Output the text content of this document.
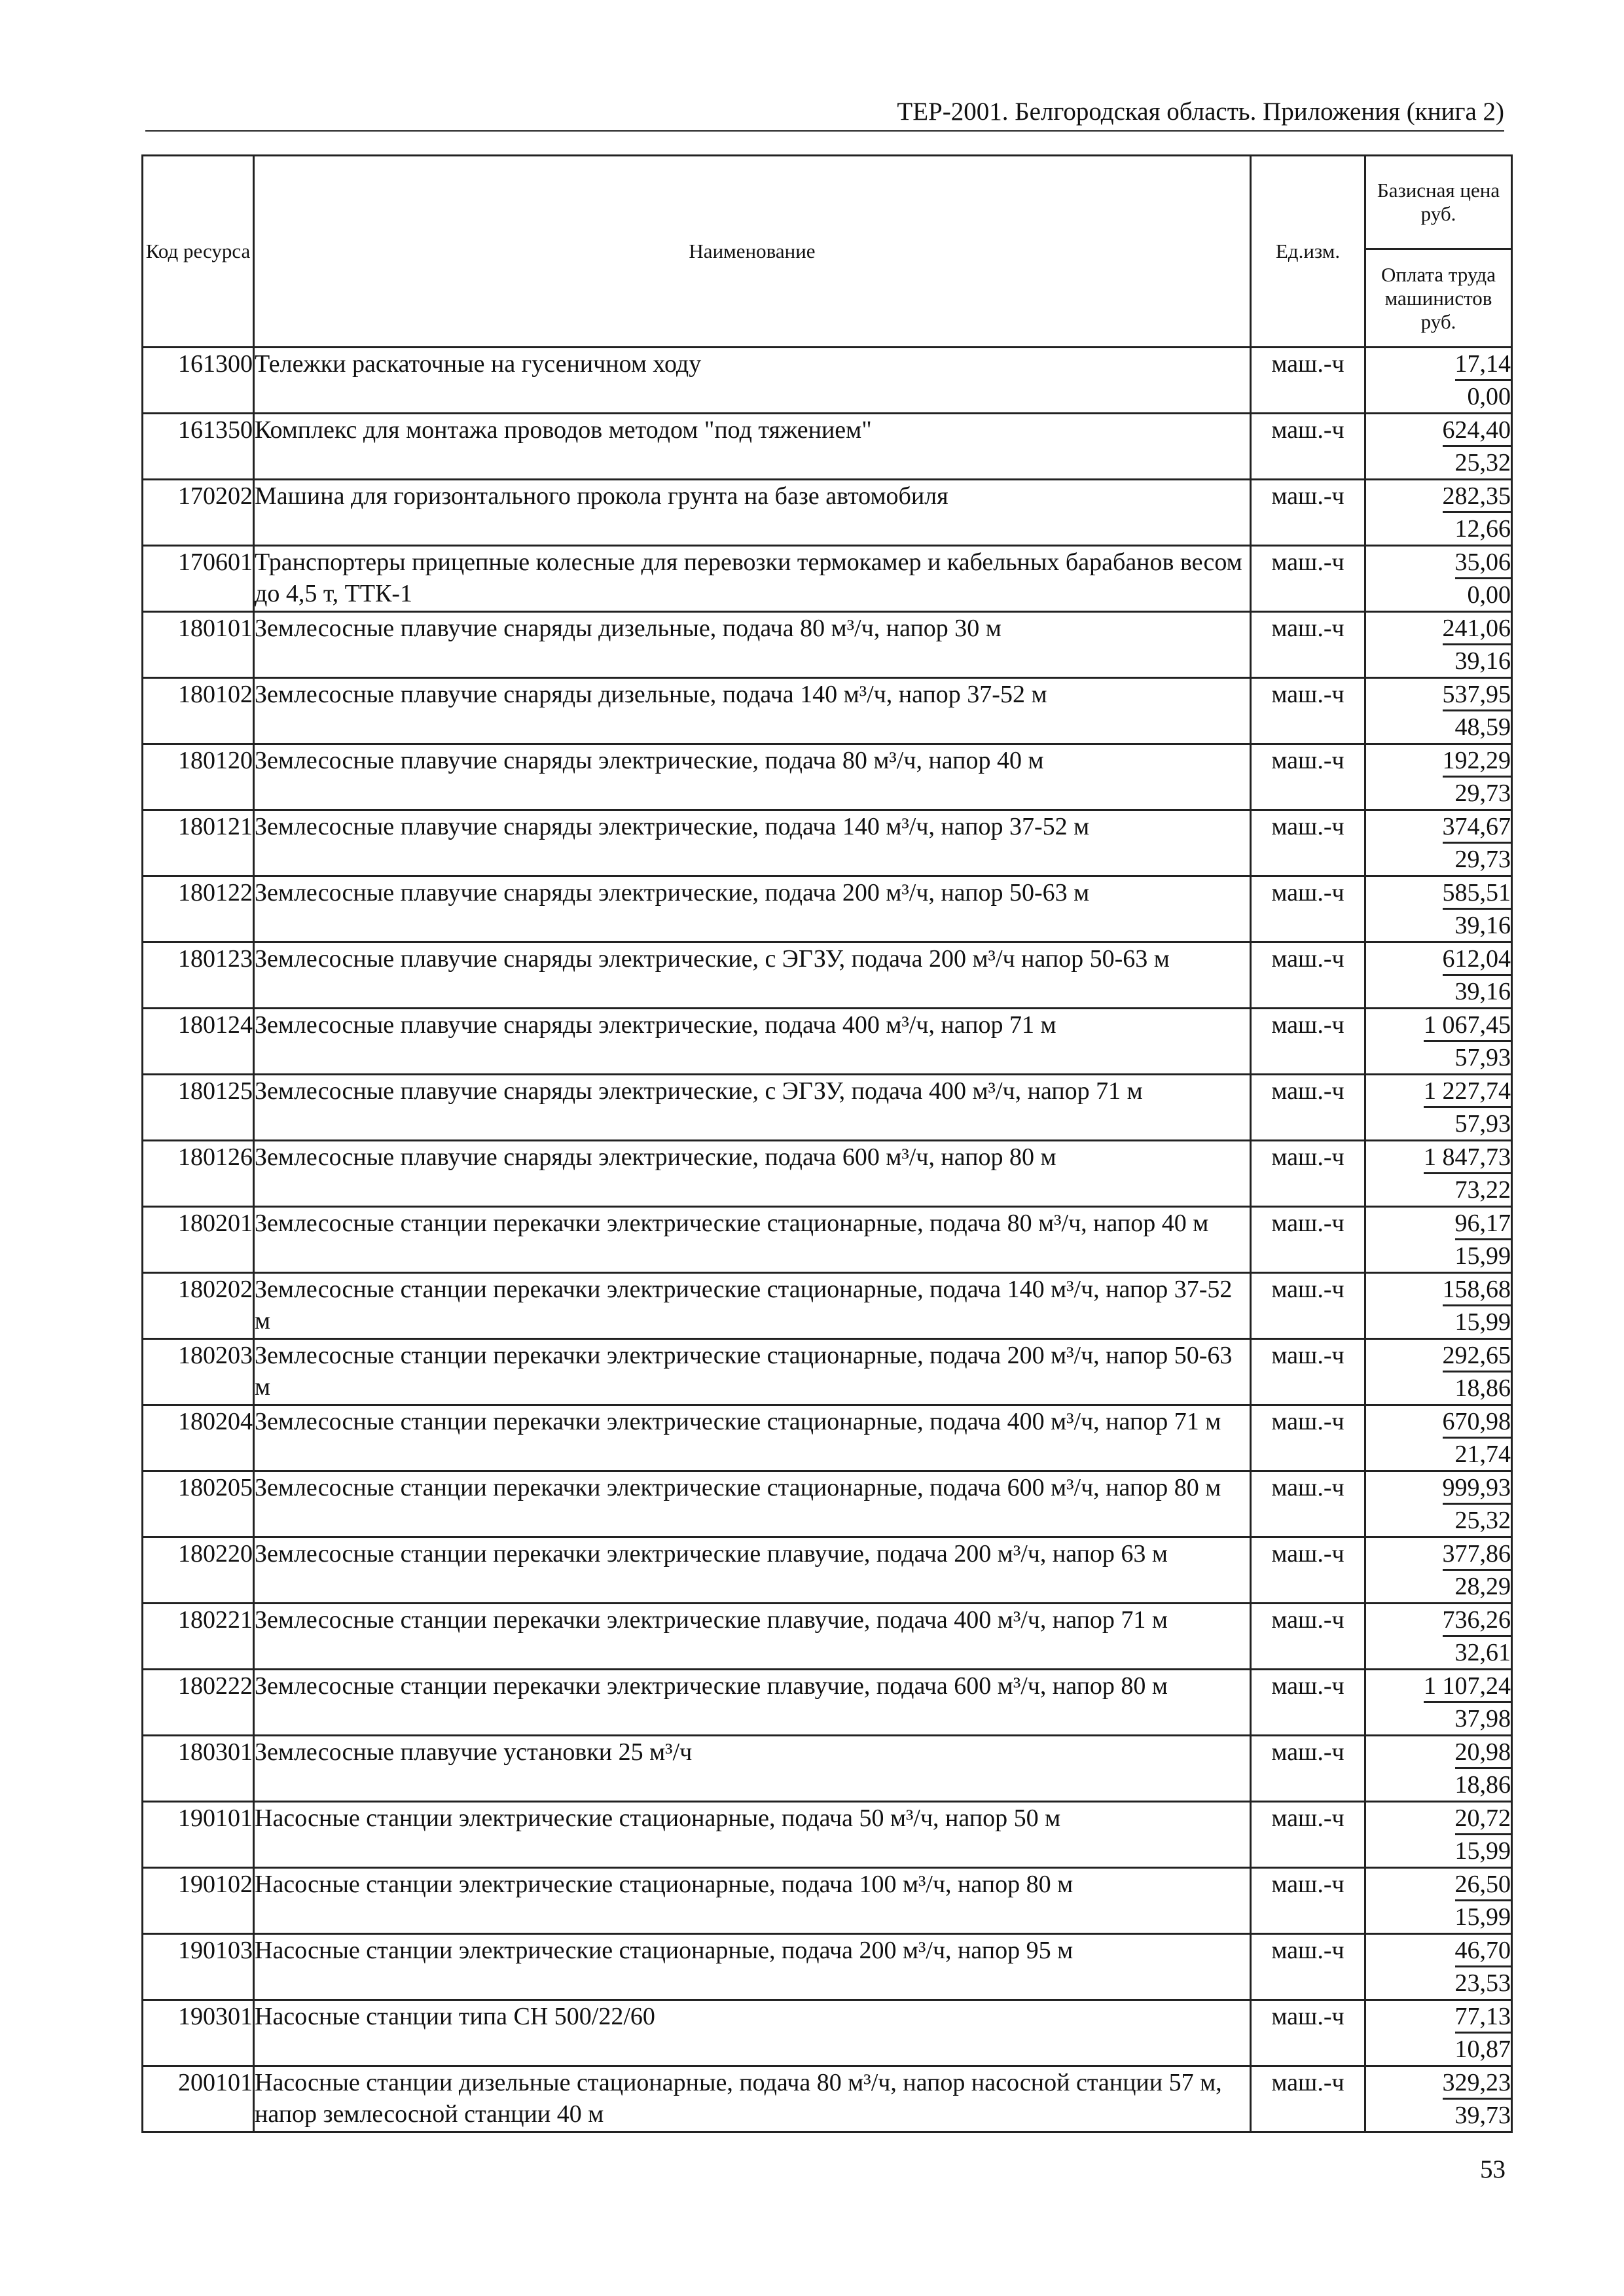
ТЕР-2001. Белгородская область. Приложения (книга 2)
Код ресурса	Наименование	Ед.изм.	Базисная цена руб.
			Оплата труда машинистов руб.
161300	Тележки раскаточные на гусеничном ходу	маш.-ч	17,14
0,00

161350	Комплекс для монтажа проводов методом "под тяжением"	маш.-ч	624,40
25,32

170202	Машина для горизонтального прокола грунта на базе автомобиля	маш.-ч	282,35
12,66

170601	Транспортеры прицепные колесные для перевозки термокамер и кабельных барабанов весом до 4,5 т, ТТК-1	маш.-ч	35,06
0,00

180101	Землесосные плавучие снаряды дизельные, подача 80 м³/ч, напор 30 м	маш.-ч	241,06
39,16

180102	Землесосные плавучие снаряды дизельные, подача 140 м³/ч, напор 37-52 м	маш.-ч	537,95
48,59

180120	Землесосные плавучие снаряды электрические, подача 80 м³/ч, напор 40 м	маш.-ч	192,29
29,73

180121	Землесосные плавучие снаряды электрические, подача 140 м³/ч, напор 37-52 м	маш.-ч	374,67
29,73

180122	Землесосные плавучие снаряды электрические, подача 200 м³/ч, напор 50-63 м	маш.-ч	585,51
39,16

180123	Землесосные плавучие снаряды электрические, с ЭГЗУ, подача 200 м³/ч напор 50-63 м	маш.-ч	612,04
39,16

180124	Землесосные плавучие снаряды электрические, подача 400 м³/ч, напор 71 м	маш.-ч	1 067,45
57,93

180125	Землесосные плавучие снаряды электрические, с ЭГЗУ, подача 400 м³/ч, напор 71 м	маш.-ч	1 227,74
57,93

180126	Землесосные плавучие снаряды электрические, подача 600 м³/ч, напор 80 м	маш.-ч	1 847,73
73,22

180201	Землесосные станции перекачки электрические стационарные, подача 80 м³/ч, напор 40 м	маш.-ч	96,17
15,99

180202	Землесосные станции перекачки электрические стационарные, подача 140 м³/ч, напор 37-52 м	маш.-ч	158,68
15,99

180203	Землесосные станции перекачки электрические стационарные, подача 200 м³/ч, напор 50-63 м	маш.-ч	292,65
18,86

180204	Землесосные станции перекачки электрические стационарные, подача 400 м³/ч, напор 71 м	маш.-ч	670,98
21,74

180205	Землесосные станции перекачки электрические стационарные, подача 600 м³/ч, напор 80 м	маш.-ч	999,93
25,32

180220	Землесосные станции перекачки электрические плавучие, подача 200 м³/ч, напор 63 м	маш.-ч	377,86
28,29

180221	Землесосные станции перекачки электрические плавучие, подача 400 м³/ч, напор 71 м	маш.-ч	736,26
32,61

180222	Землесосные станции перекачки электрические плавучие, подача 600 м³/ч, напор 80 м	маш.-ч	1 107,24
37,98

180301	Землесосные плавучие установки 25 м³/ч	маш.-ч	20,98
18,86

190101	Насосные станции электрические стационарные, подача 50 м³/ч, напор 50 м	маш.-ч	20,72
15,99

190102	Насосные станции электрические стационарные, подача 100 м³/ч, напор 80 м	маш.-ч	26,50
15,99

190103	Насосные станции электрические стационарные, подача 200 м³/ч, напор 95 м	маш.-ч	46,70
23,53

190301	Насосные станции типа СН 500/22/60	маш.-ч	77,13
10,87

200101	Насосные станции дизельные стационарные, подача 80 м³/ч, напор насосной станции 57 м, напор землесосной станции 40 м	маш.-ч	329,23
39,73
53
